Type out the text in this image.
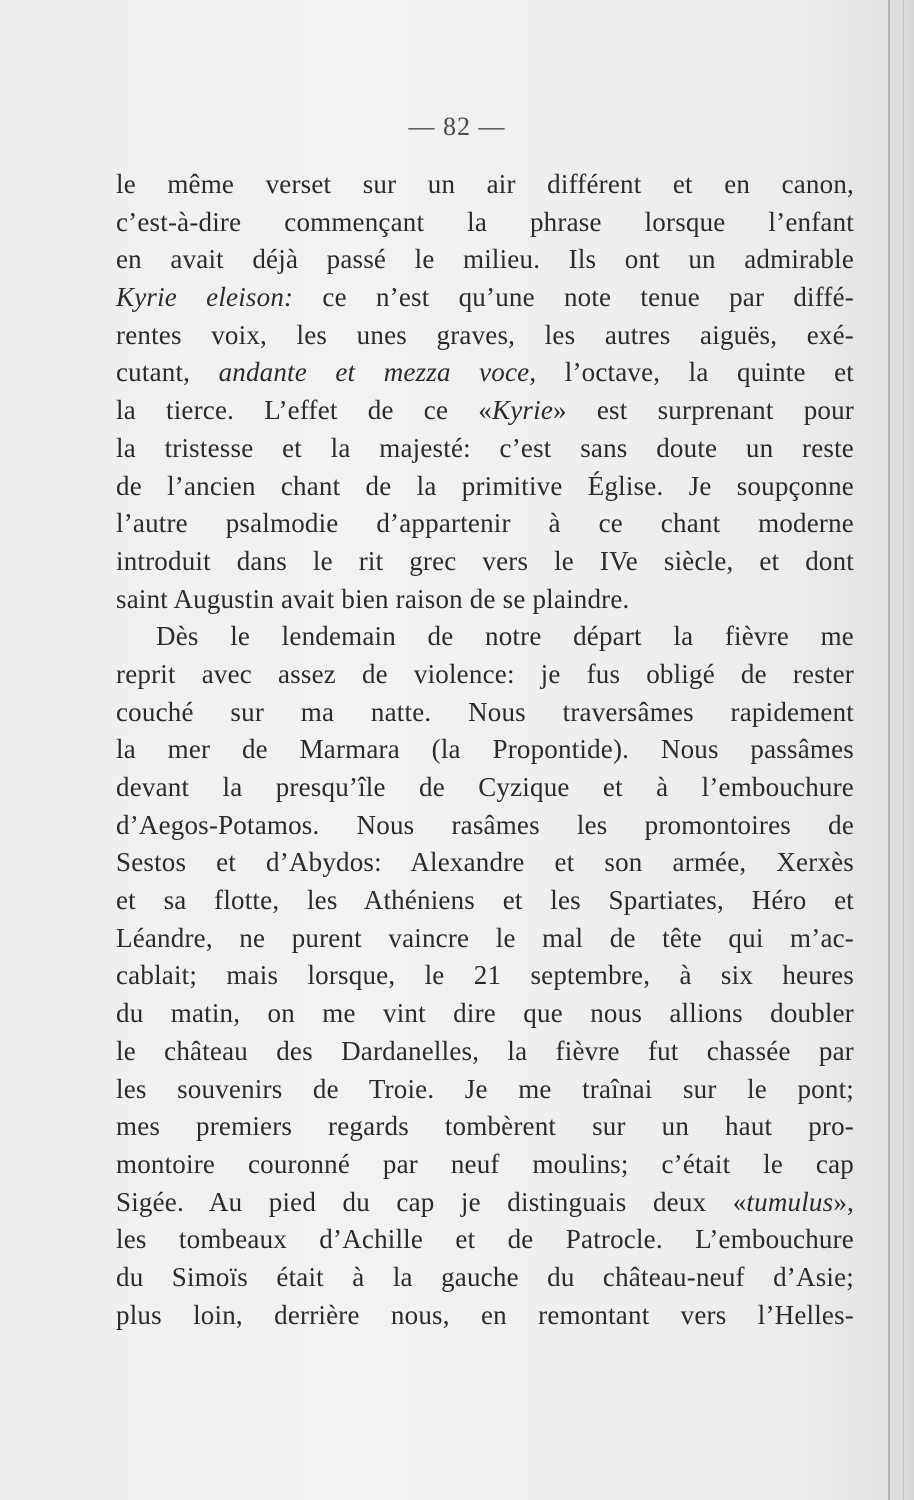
— 82 —
le même verset sur un air différent et en canon,
c’est-à-dire commençant la phrase lorsque l’enfant
en avait déjà passé le milieu. Ils ont un admirable
Kyrie eleison: ce n’est qu’une note tenue par diffé-
rentes voix, les unes graves, les autres aiguës, exé-
cutant, andante et mezza voce, l’octave, la quinte et
la tierce. L’effet de ce «Kyrie» est surprenant pour
la tristesse et la majesté: c’est sans doute un reste
de l’ancien chant de la primitive Église. Je soupçonne
l’autre psalmodie d’appartenir à ce chant moderne
introduit dans le rit grec vers le IVe siècle, et dont
saint Augustin avait bien raison de se plaindre.
Dès le lendemain de notre départ la fièvre me
reprit avec assez de violence: je fus obligé de rester
couché sur ma natte. Nous traversâmes rapidement
la mer de Marmara (la Propontide). Nous passâmes
devant la presqu’île de Cyzique et à l’embouchure
d’Aegos-Potamos. Nous rasâmes les promontoires de
Sestos et d’Abydos: Alexandre et son armée, Xerxès
et sa flotte, les Athéniens et les Spartiates, Héro et
Léandre, ne purent vaincre le mal de tête qui m’ac-
cablait; mais lorsque, le 21 septembre, à six heures
du matin, on me vint dire que nous allions doubler
le château des Dardanelles, la fièvre fut chassée par
les souvenirs de Troie. Je me traînai sur le pont;
mes premiers regards tombèrent sur un haut pro-
montoire couronné par neuf moulins; c’était le cap
Sigée. Au pied du cap je distinguais deux «tumulus»,
les tombeaux d’Achille et de Patrocle. L’embouchure
du Simoïs était à la gauche du château-neuf d’Asie;
plus loin, derrière nous, en remontant vers l’Helles-
